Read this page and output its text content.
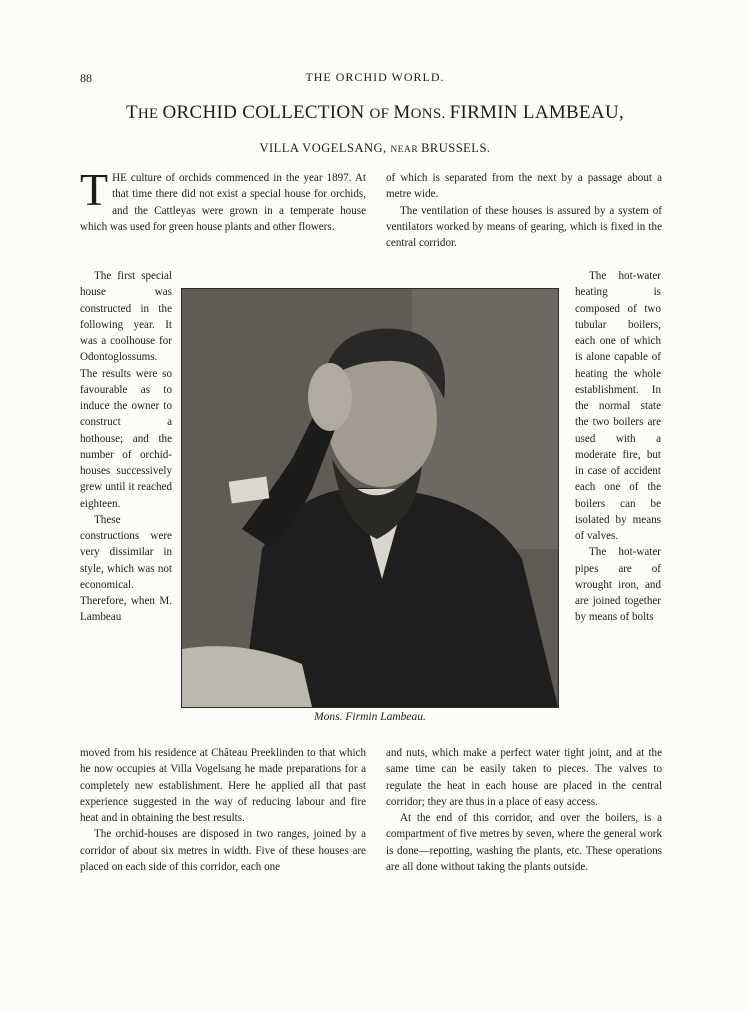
88	THE ORCHID WORLD.
THE ORCHID COLLECTION OF MONS. FIRMIN LAMBEAU,
VILLA VOGELSANG, NEAR BRUSSELS.

THE culture of orchids commenced in the year 1897. At that time there did not exist a special house for orchids, and the Cattleyas were grown in a temperate house which was used for green house plants and other flowers.

The first special house was constructed in the following year. It was a coolhouse for Odontoglossums. The results were so favourable as to induce the owner to construct a hothouse; and the number of orchid-houses successively grew until it reached eighteen.

These constructions were very dissimilar in style, which was not economical. Therefore, when M. Lambeau

of which is separated from the next by a passage about a metre wide.

The ventilation of these houses is assured by a system of ventilators worked by means of gearing, which is fixed in the central corridor.

The hot-water heating is composed of two tubular boilers, each one of which is alone capable of heating the whole establishment. In the normal state the two boilers are used with a moderate fire, but in case of accident each one of the boilers can be isolated by means of valves.

The hot-water pipes are of wrought iron, and are joined together by means of bolts

Mons. Firmin Lambeau.

moved from his residence at Château Preeklinden to that which he now occupies at Villa Vogelsang he made preparations for a completely new establishment. Here he applied all that past experience suggested in the way of reducing labour and fire heat and in obtaining the best results.

The orchid-houses are disposed in two ranges, joined by a corridor of about six metres in width. Five of these houses are placed on each side of this corridor, each one

and nuts, which make a perfect water tight joint, and at the same time can be easily taken to pieces. The valves to regulate the heat in each house are placed in the central corridor; they are thus in a place of easy access.

At the end of this corridor, and over the boilers, is a compartment of five metres by seven, where the general work is done—repotting, washing the plants, etc. These operations are all done without taking the plants outside.
